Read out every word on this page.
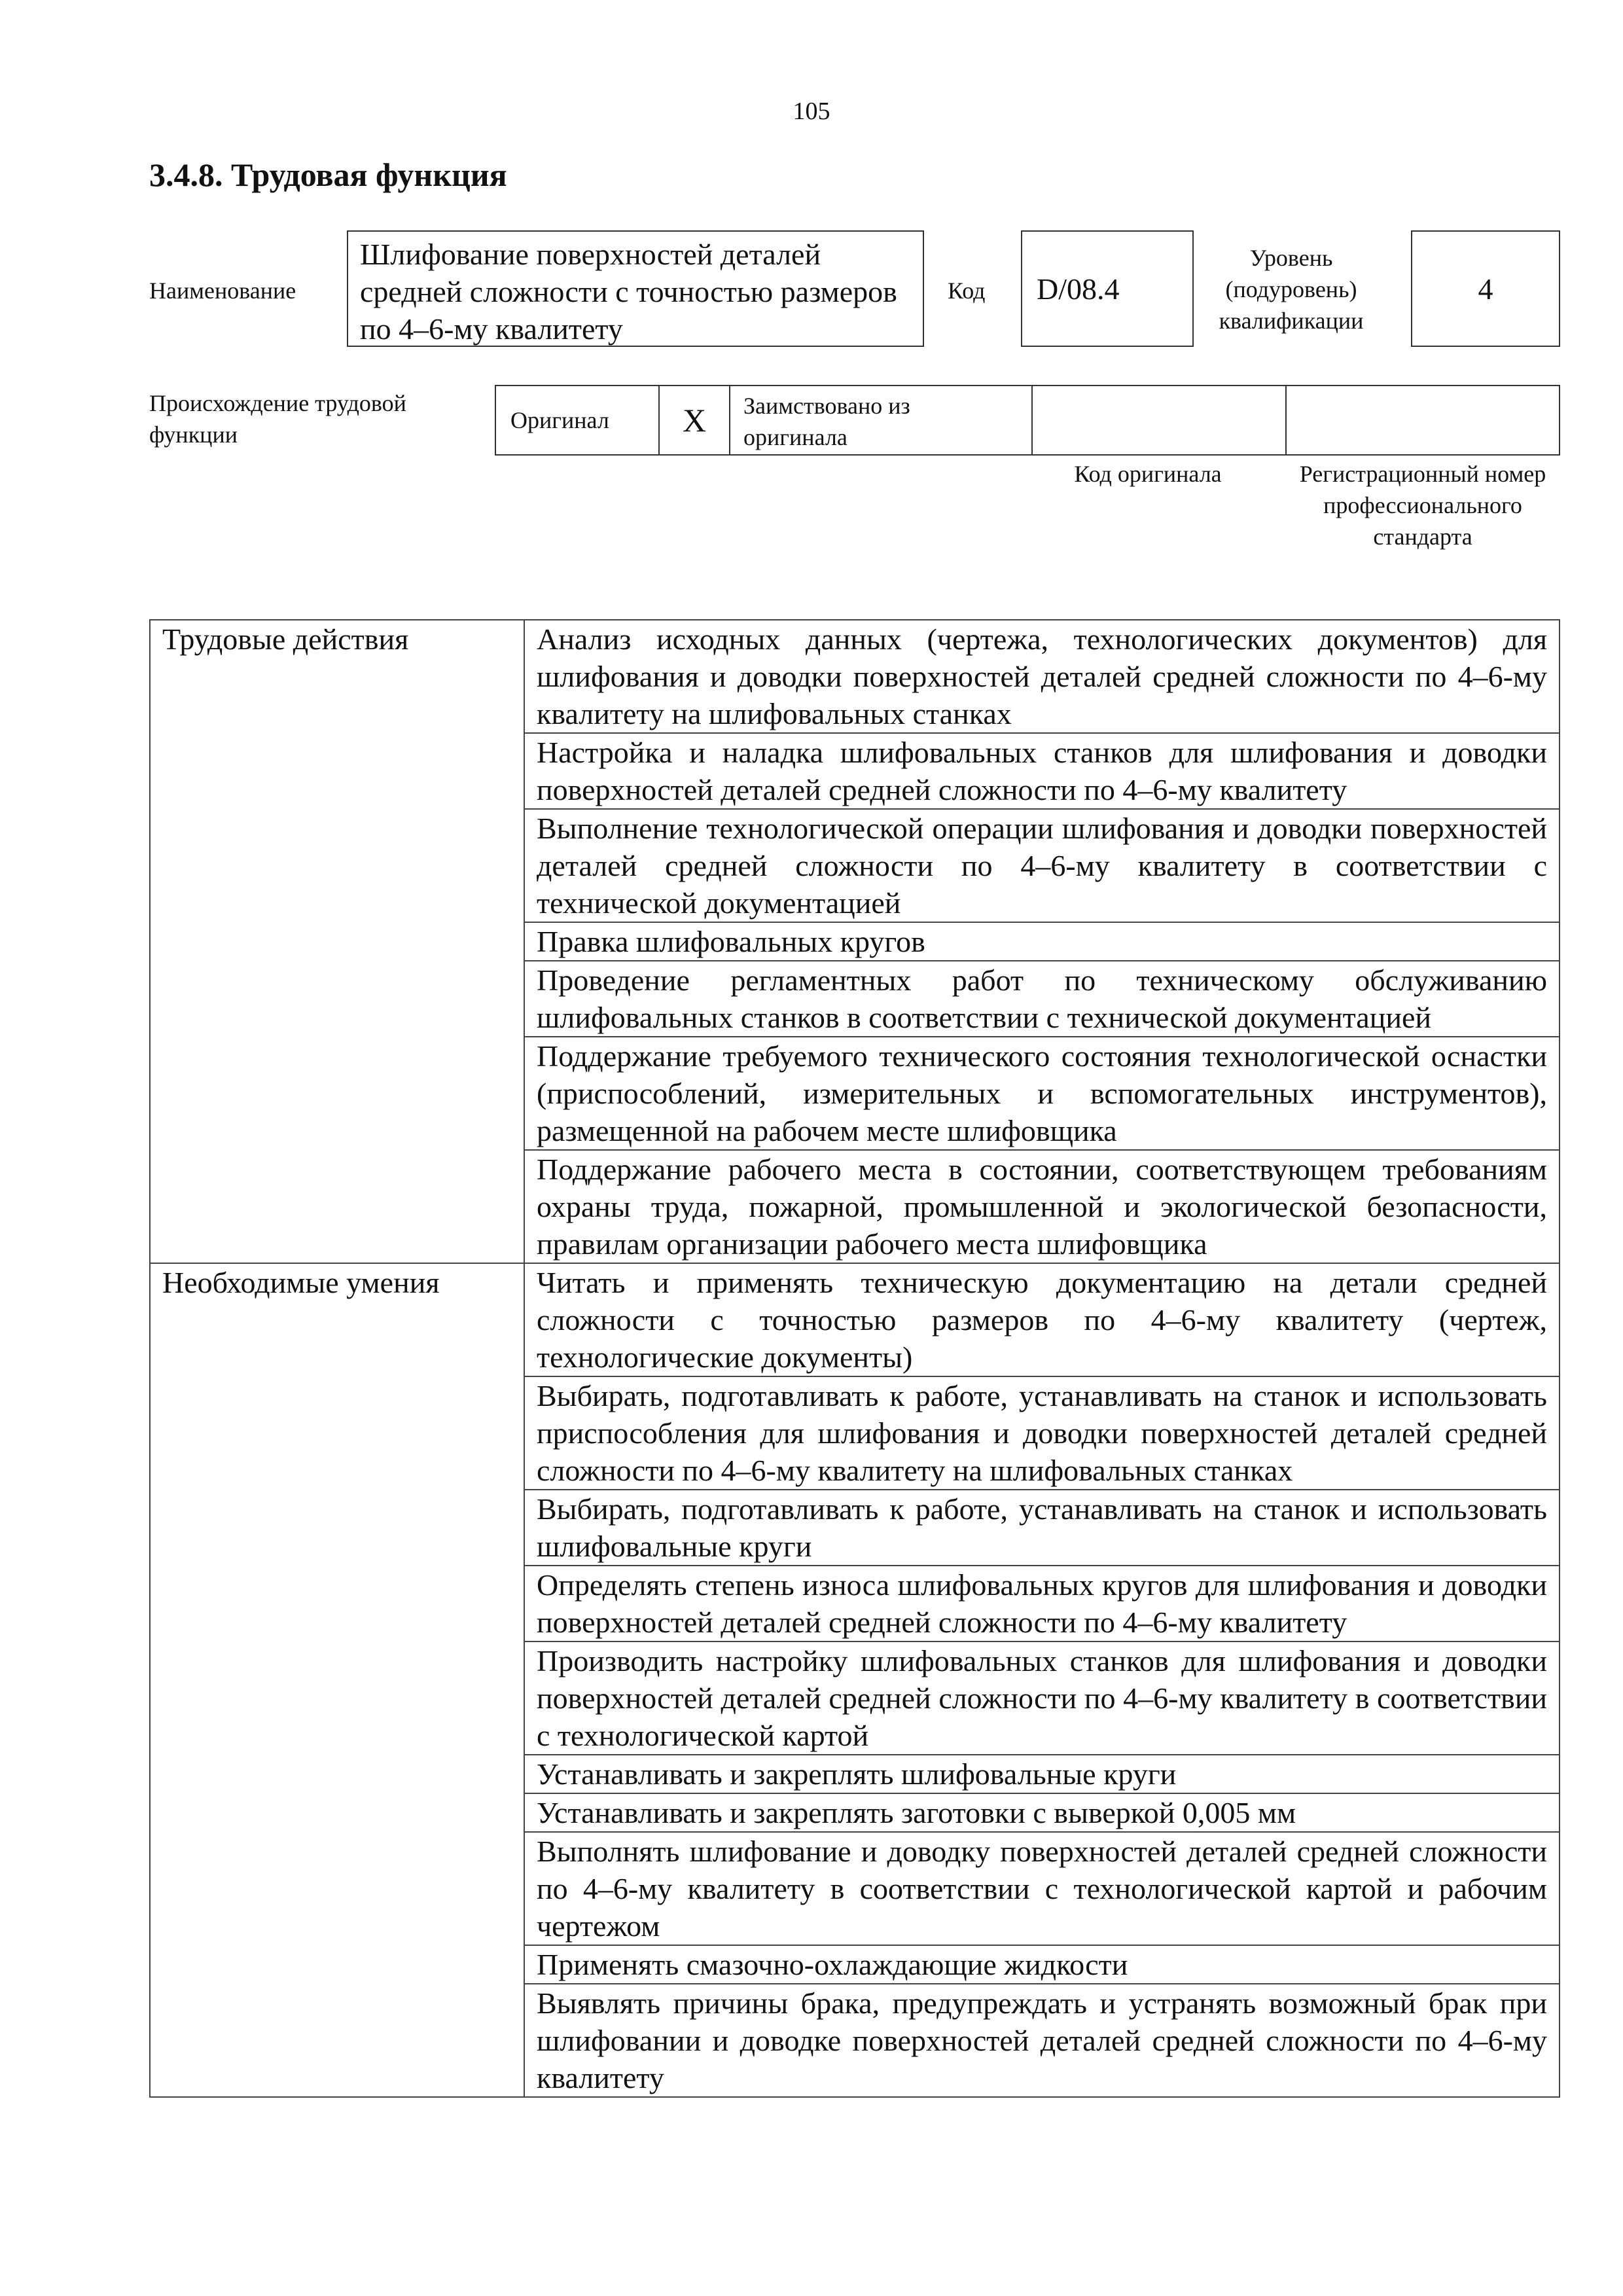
105
3.4.8. Трудовая функция
Наименование
Шлифование поверхностей деталей средней сложности с точностью размеров по 4–6-му квалитету
Код	D/08.4
Уровень (подуровень) квалификации
4
Происхождение трудовой функции
Оригинал	X	Заимствовано из оригинала
Код оригинала	Регистрационный номер профессионального стандарта
Трудовые действия	Анализ исходных данных (чертежа, технологических документов) для шлифования и доводки поверхностей деталей средней сложности по 4–6-му квалитету на шлифовальных станках
	Настройка и наладка шлифовальных станков для шлифования и доводки поверхностей деталей средней сложности по 4–6-му квалитету
	Выполнение технологической операции шлифования и доводки поверхностей деталей средней сложности по 4–6-му квалитету в соответствии с технической документацией
	Правка шлифовальных кругов
	Проведение регламентных работ по техническому обслуживанию шлифовальных станков в соответствии с технической документацией
	Поддержание требуемого технического состояния технологической оснастки (приспособлений, измерительных и вспомогательных инструментов), размещенной на рабочем месте шлифовщика
	Поддержание рабочего места в состоянии, соответствующем требованиям охраны труда, пожарной, промышленной и экологической безопасности, правилам организации рабочего места шлифовщика
Необходимые умения	Читать и применять техническую документацию на детали средней сложности с точностью размеров по 4–6-му квалитету (чертеж, технологические документы)
	Выбирать, подготавливать к работе, устанавливать на станок и использовать приспособления для шлифования и доводки поверхностей деталей средней сложности по 4–6-му квалитету на шлифовальных станках
	Выбирать, подготавливать к работе, устанавливать на станок и использовать шлифовальные круги
	Определять степень износа шлифовальных кругов для шлифования и доводки поверхностей деталей средней сложности по 4–6-му квалитету
	Производить настройку шлифовальных станков для шлифования и доводки поверхностей деталей средней сложности по 4–6-му квалитету в соответствии с технологической картой
	Устанавливать и закреплять шлифовальные круги
	Устанавливать и закреплять заготовки с выверкой 0,005 мм
	Выполнять шлифование и доводку поверхностей деталей средней сложности по 4–6-му квалитету в соответствии с технологической картой и рабочим чертежом
	Применять смазочно-охлаждающие жидкости
	Выявлять причины брака, предупреждать и устранять возможный брак при шлифовании и доводке поверхностей деталей средней сложности по 4–6-му квалитету
